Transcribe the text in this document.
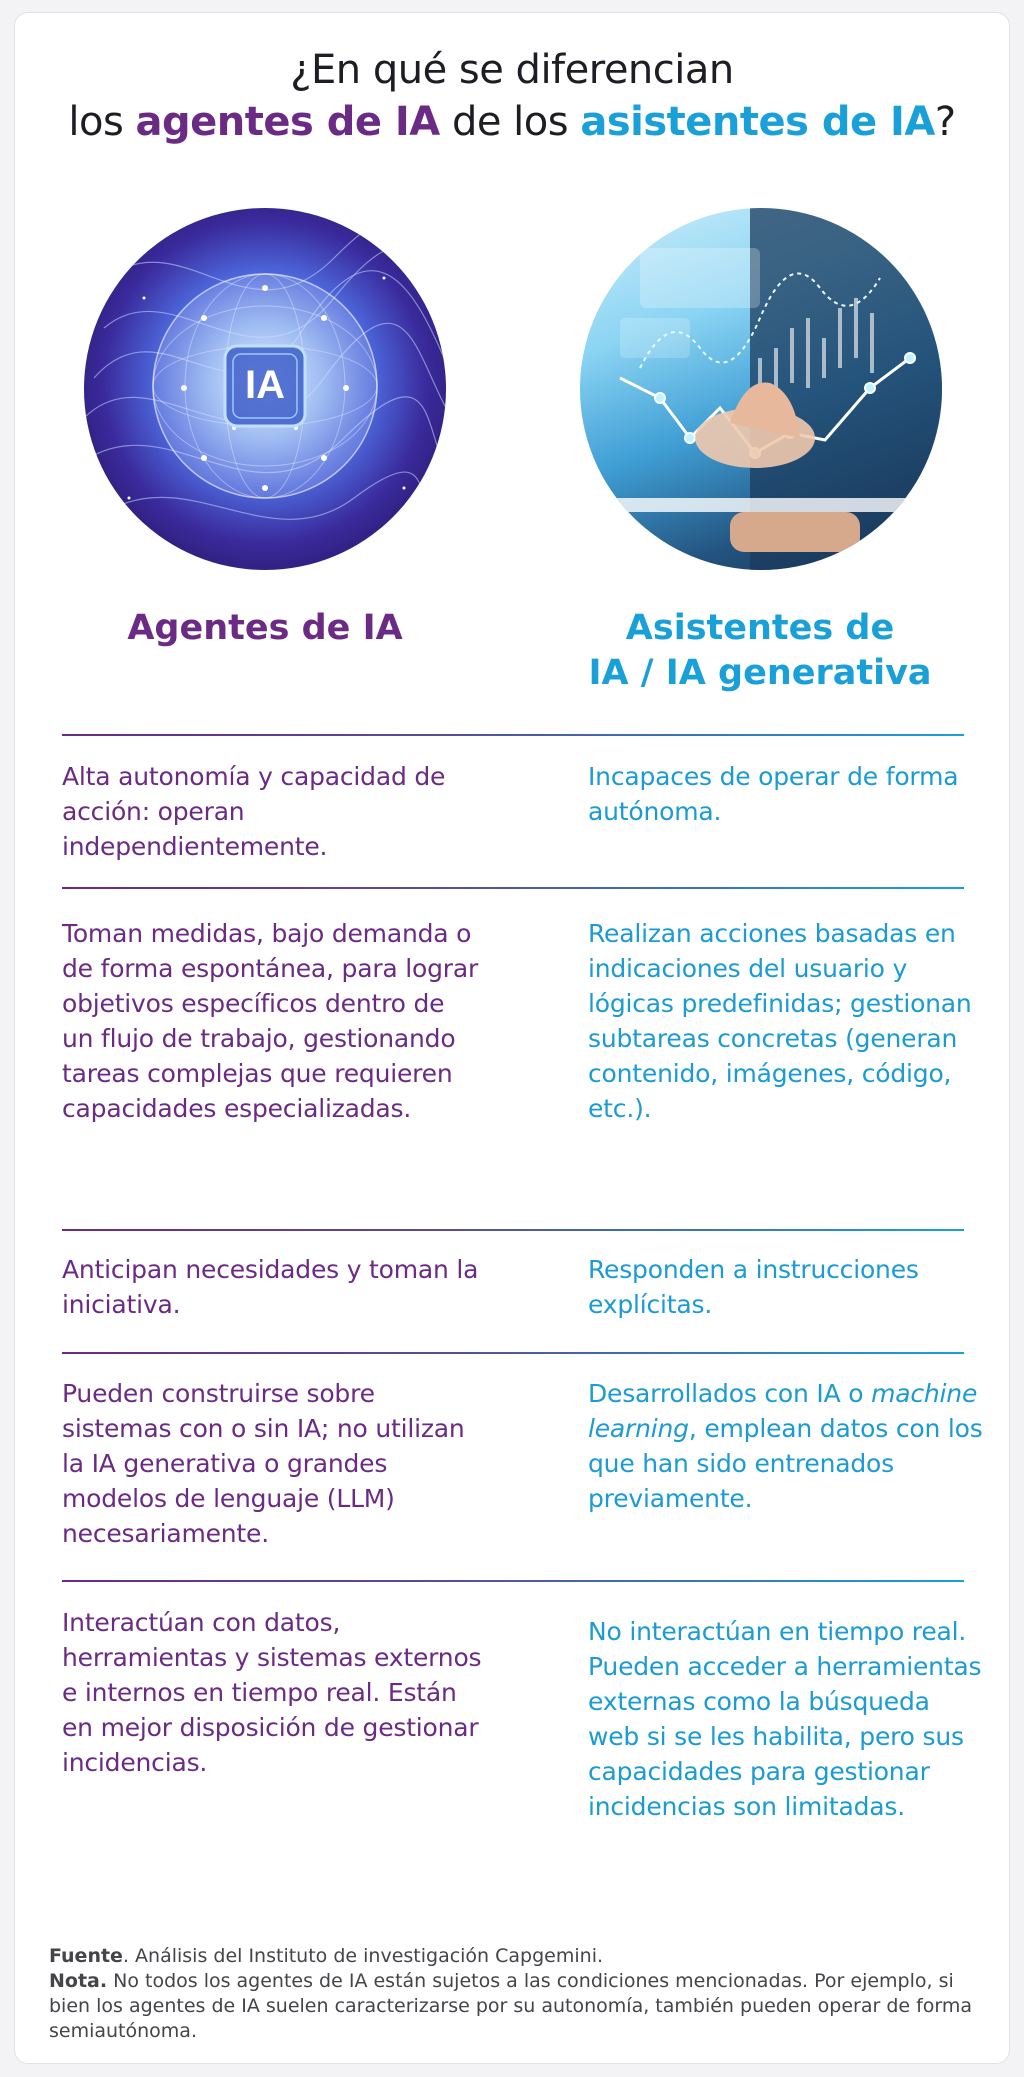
¿En qué se diferencian
los agentes de IA de los asistentes de IA?
IA
Agentes de IA	Asistentes de
IA / IA generativa
Alta autonomía y capacidad de acción: operan independientemente.
Incapaces de operar de forma autónoma.
Toman medidas, bajo demanda o de forma espontánea, para lograr objetivos específicos dentro de un flujo de trabajo, gestionando tareas complejas que requieren capacidades especializadas.
Realizan acciones basadas en indicaciones del usuario y lógicas predefinidas; gestionan subtareas concretas (generan contenido, imágenes, código, etc.).
Anticipan necesidades y toman la iniciativa.
Responden a instrucciones explícitas.
Pueden construirse sobre sistemas con o sin IA; no utilizan la IA generativa o grandes modelos de lenguaje (LLM) necesariamente.
Desarrollados con IA o machine learning, emplean datos con los que han sido entrenados previamente.
Interactúan con datos, herramientas y sistemas externos e internos en tiempo real. Están en mejor disposición de gestionar incidencias.
No interactúan en tiempo real. Pueden acceder a herramientas externas como la búsqueda web si se les habilita, pero sus capacidades para gestionar incidencias son limitadas.
Fuente. Análisis del Instituto de investigación Capgemini.
Nota. No todos los agentes de IA están sujetos a las condiciones mencionadas. Por ejemplo, si bien los agentes de IA suelen caracterizarse por su autonomía, también pueden operar de forma semiautónoma.
